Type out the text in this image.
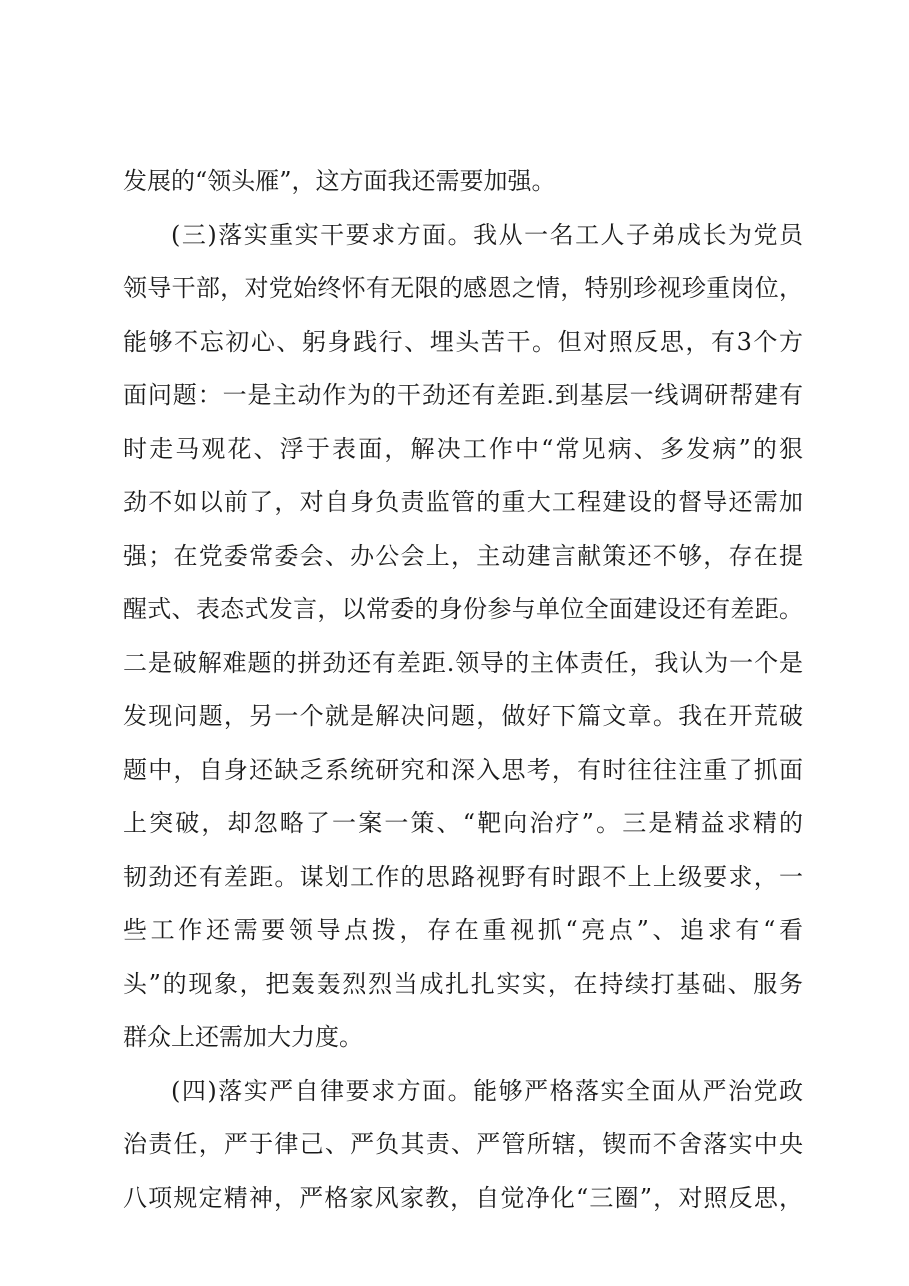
发展的“领头雁”，这方面我还需要加强。
(三)落实重实干要求方面。我从一名工人子弟成长为党员
领导干部，对党始终怀有无限的感恩之情，特别珍视珍重岗位，
能够不忘初心、躬身践行、埋头苦干。但对照反思，有3个方
面问题：一是主动作为的干劲还有差距.到基层一线调研帮建有
时走马观花、浮于表面，解决工作中“常见病、多发病”的狠
劲不如以前了，对自身负责监管的重大工程建设的督导还需加
强；在党委常委会、办公会上，主动建言献策还不够，存在提
醒式、表态式发言，以常委的身份参与单位全面建设还有差距。
二是破解难题的拼劲还有差距.领导的主体责任，我认为一个是
发现问题，另一个就是解决问题，做好下篇文章。我在开荒破
题中，自身还缺乏系统研究和深入思考，有时往往注重了抓面
上突破，却忽略了一案一策、“靶向治疗”。三是精益求精的
韧劲还有差距。谋划工作的思路视野有时跟不上上级要求，一
些工作还需要领导点拨，存在重视抓“亮点”、追求有“看
头”的现象，把轰轰烈烈当成扎扎实实，在持续打基础、服务
群众上还需加大力度。
(四)落实严自律要求方面。能够严格落实全面从严治党政
治责任，严于律己、严负其责、严管所辖，锲而不舍落实中央
八项规定精神，严格家风家教，自觉净化“三圈”，对照反思，
